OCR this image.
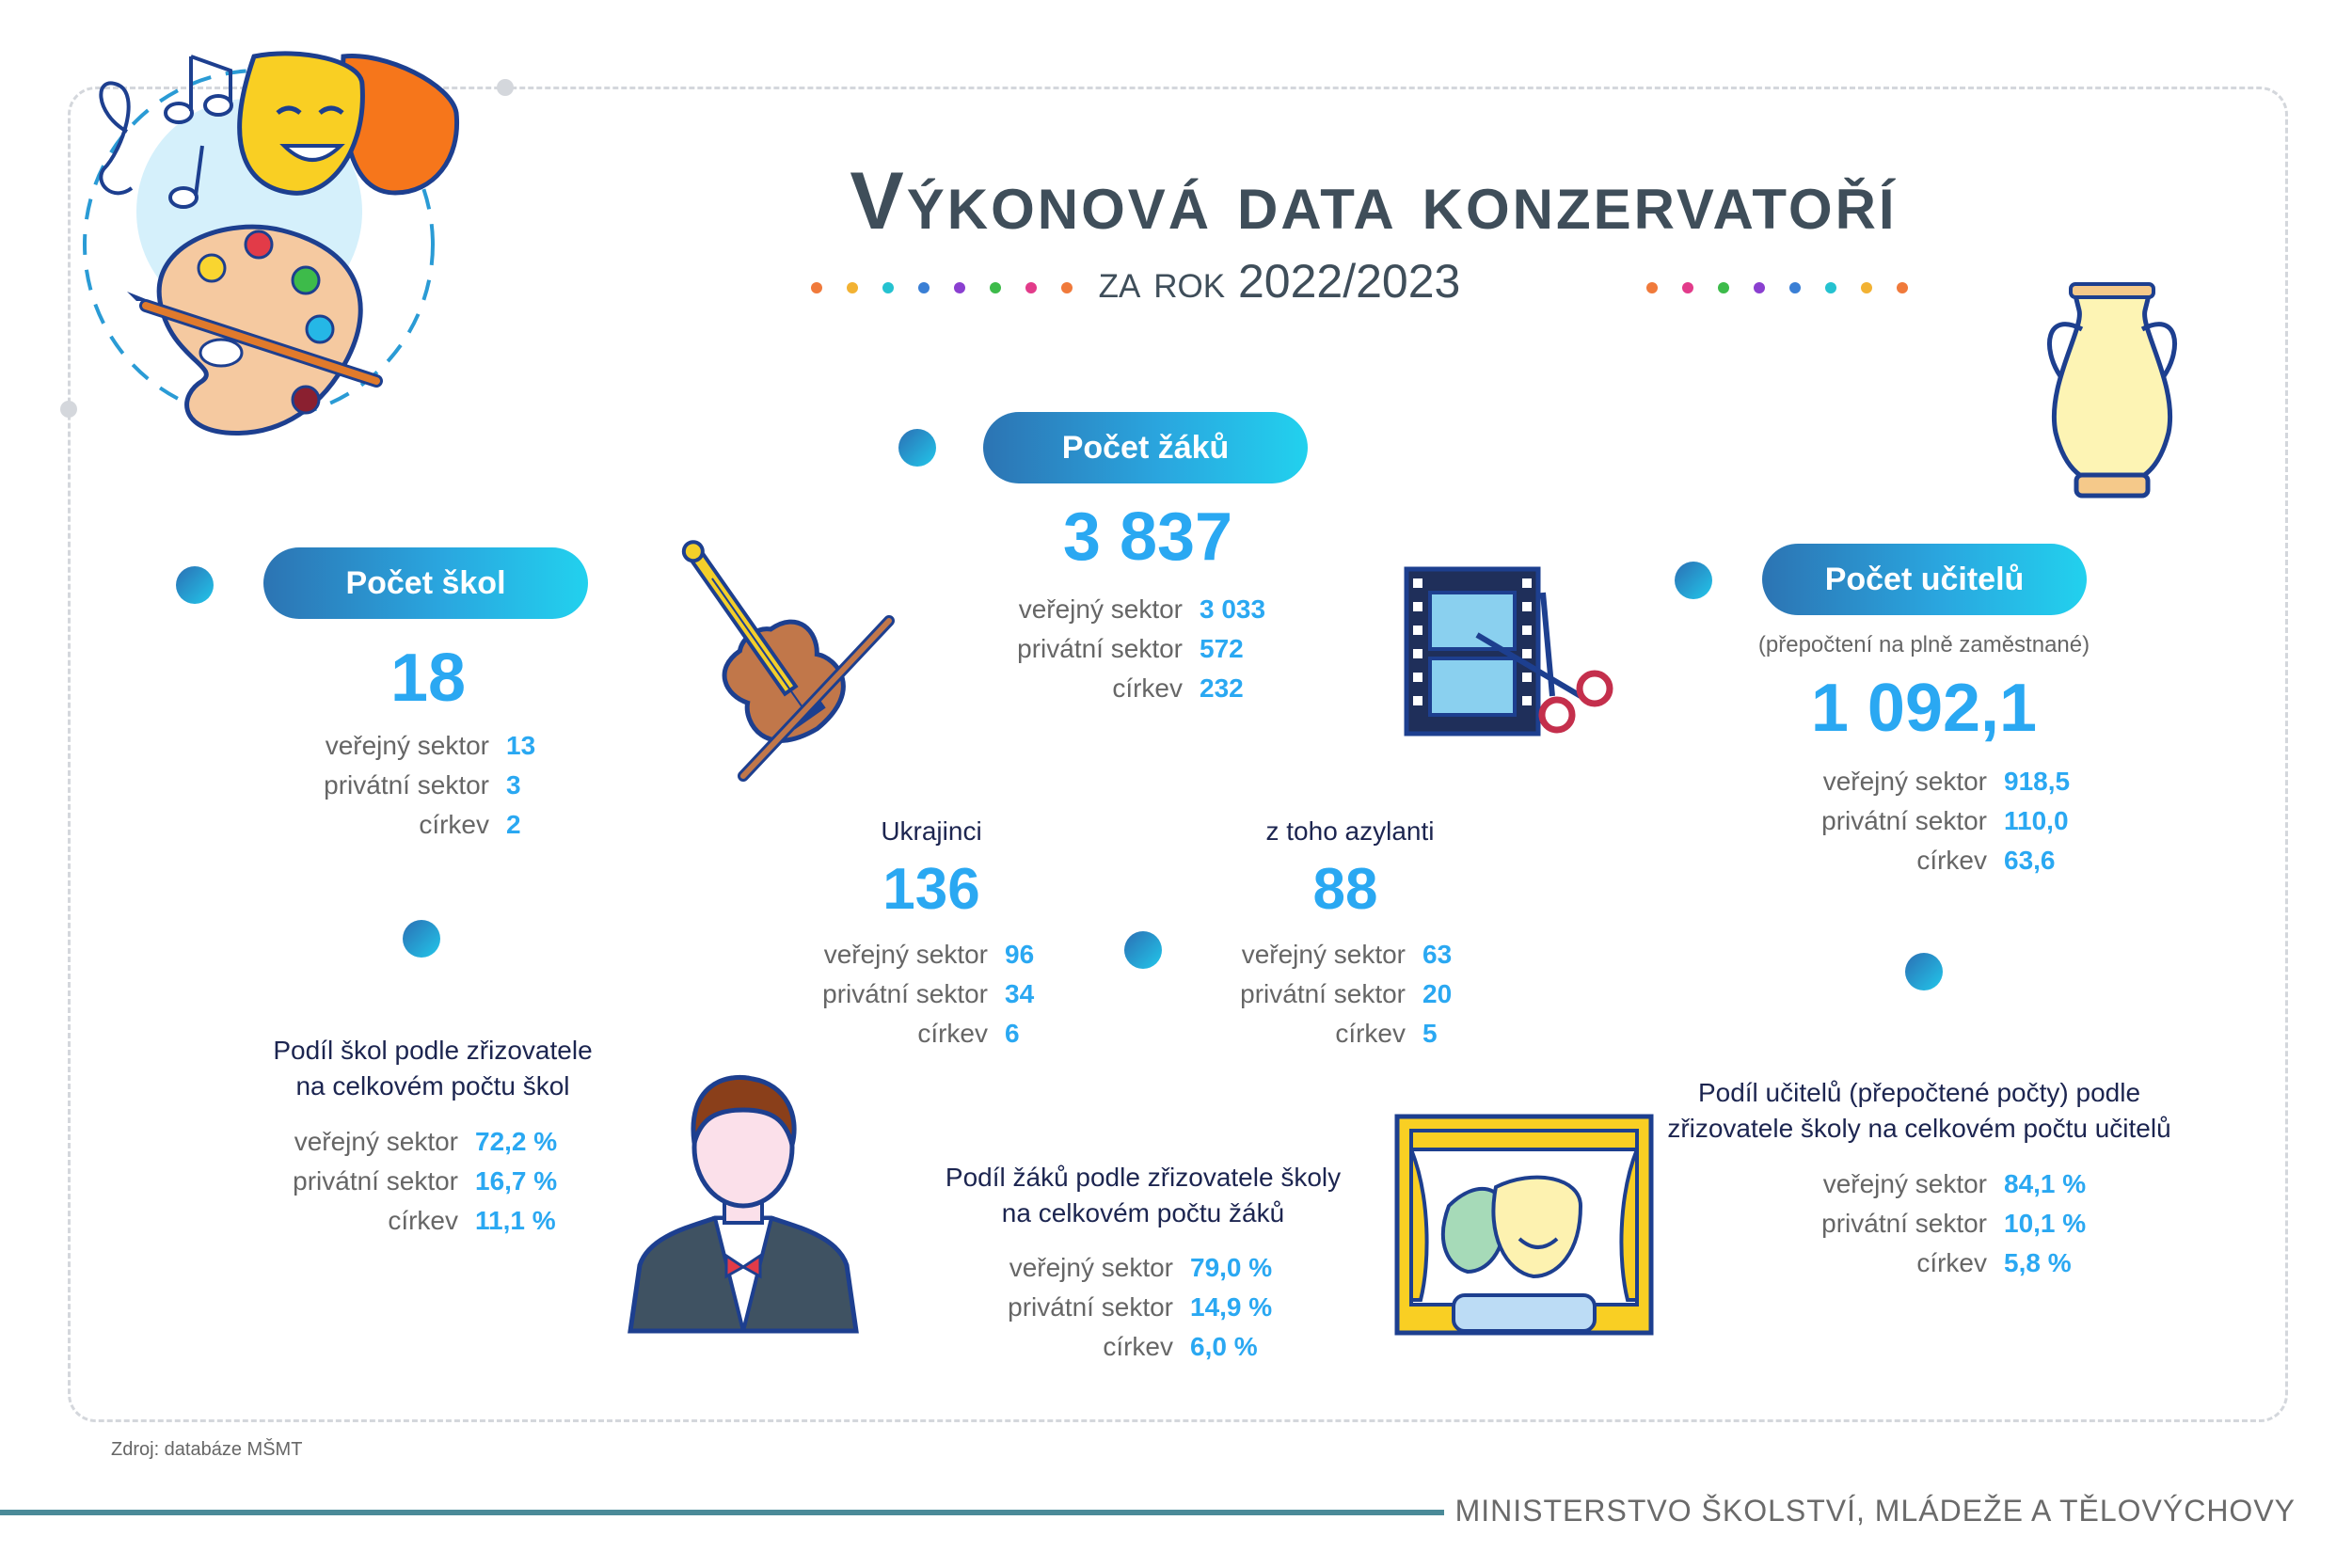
Výkonová data konzervatoří
za rok 2022/2023
Počet žáků
Počet škol	Počet učitelů
18
veřejný sektor 13
privátní sektor 3
církev 2
3 837
veřejný sektor 3 033
privátní sektor 572
církev 232
(přepočtení na plně zaměstnané)
1 092,1
veřejný sektor 918,5
privátní sektor 110,0
církev 63,6
Ukrajinci
136
veřejný sektor 96
privátní sektor 34
církev 6
z toho azylanti
88
veřejný sektor 63
privátní sektor 20
církev 5
Podíl škol podle zřizovatele
na celkovém počtu škol
veřejný sektor 72,2 %
privátní sektor 16,7 %
církev 11,1 %
Podíl žáků podle zřizovatele školy
na celkovém počtu žáků
veřejný sektor 79,0 %
privátní sektor 14,9 %
církev 6,0 %
Podíl učitelů (přepočtené počty) podle
zřizovatele školy na celkovém počtu učitelů
veřejný sektor 84,1 %
privátní sektor 10,1 %
církev 5,8 %
Zdroj: databáze MŠMT
MINISTERSTVO ŠKOLSTVÍ, MLÁDEŽE A TĚLOVÝCHOVY
